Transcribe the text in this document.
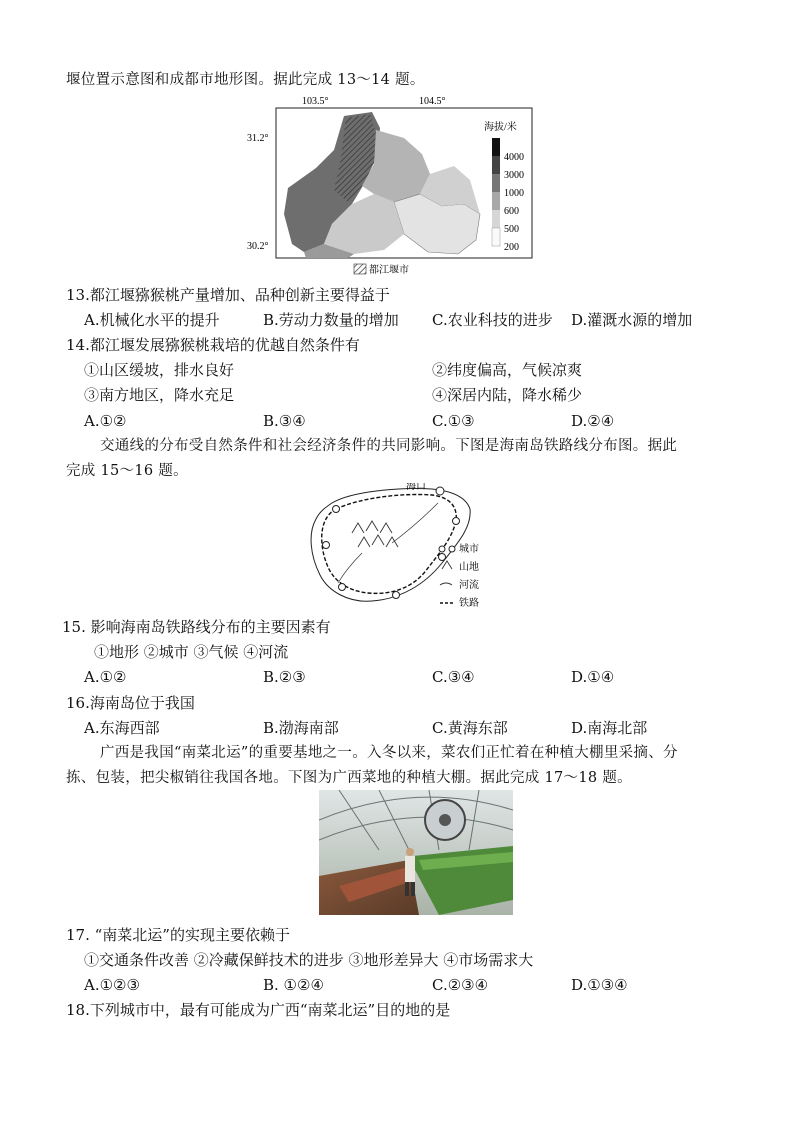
堰位置示意图和成都市地形图。据此完成 13～14 题。
103.5°	104.5°
31.2°
30.2°
海拔/米
4000
3000
1000
600
500
200
都江堰市
13.都江堰猕猴桃产量增加、品种创新主要得益于
A.机械化水平的提升	B.劳动力数量的增加 C.农业科技的进步 D.灌溉水源的增加
14.都江堰发展猕猴桃栽培的优越自然条件有
①山区缓坡，排水良好	②纬度偏高，气候凉爽
③南方地区，降水充足	④深居内陆，降水稀少
A.①②	B.③④	C.①③	D.②④
交通线的分布受自然条件和社会经济条件的共同影响。下图是海南岛铁路线分布图。据此
完成 15～16 题。
海口
城市
山地
河流
铁路
15. 影响海南岛铁路线分布的主要因素有
①地形 ②城市 ③气候 ④河流
A.①②	B.②③	C.③④	D.①④
16.海南岛位于我国
A.东海西部	B.渤海南部	C.黄海东部	D.南海北部
广西是我国“南菜北运”的重要基地之一。入冬以来，菜农们正忙着在种植大棚里采摘、分
拣、包装，把尖椒销往我国各地。下图为广西菜地的种植大棚。据此完成 17～18 题。
17. “南菜北运”的实现主要依赖于
①交通条件改善 ②冷藏保鲜技术的进步 ③地形差异大 ④市场需求大
A.①②③	B. ①②④	C.②③④	D.①③④
18.下列城市中，最有可能成为广西“南菜北运”目的地的是
